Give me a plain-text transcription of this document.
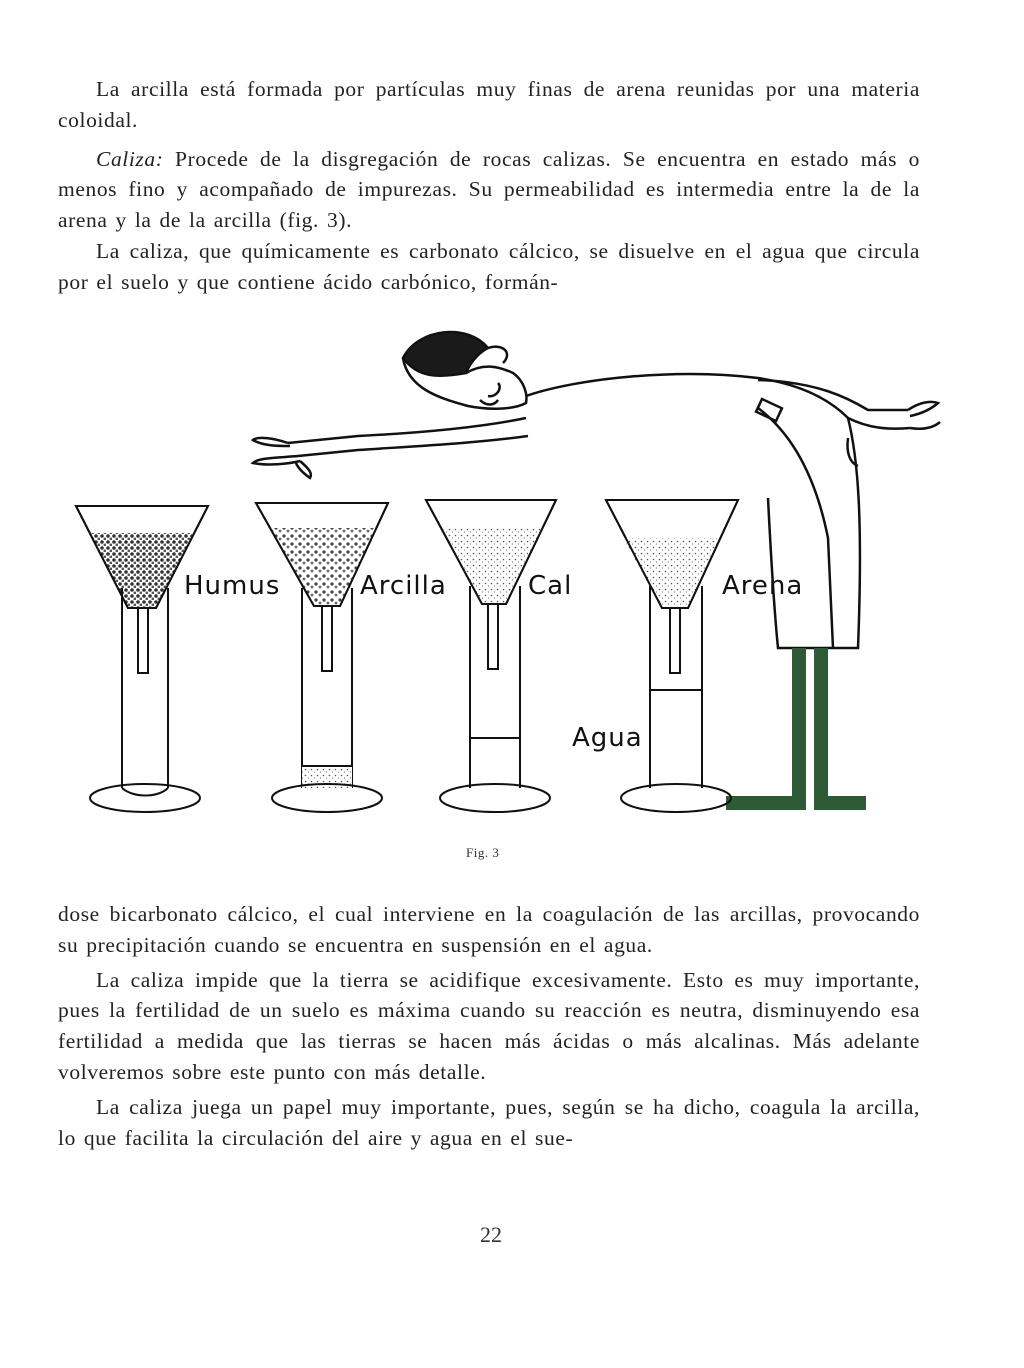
La arcilla está formada por partículas muy finas de arena reunidas por una materia coloidal.

Caliza: Procede de la disgregación de rocas calizas. Se encuentra en estado más o menos fino y acompañado de impurezas. Su permeabilidad es intermedia entre la de la arena y la de la arcilla (fig. 3).

La caliza, que químicamente es carbonato cálcico, se disuelve en el agua que circula por el suelo y que contiene ácido carbónico, formán-

Humus	Arcilla	Cal	Arena
Agua
Fig. 3

dose bicarbonato cálcico, el cual interviene en la coagulación de las arcillas, provocando su precipitación cuando se encuentra en suspensión en el agua.

La caliza impide que la tierra se acidifique excesivamente. Esto es muy importante, pues la fertilidad de un suelo es máxima cuando su reacción es neutra, disminuyendo esa fertilidad a medida que las tierras se hacen más ácidas o más alcalinas. Más adelante volveremos sobre este punto con más detalle.

La caliza juega un papel muy importante, pues, según se ha dicho, coagula la arcilla, lo que facilita la circulación del aire y agua en el sue-

22
